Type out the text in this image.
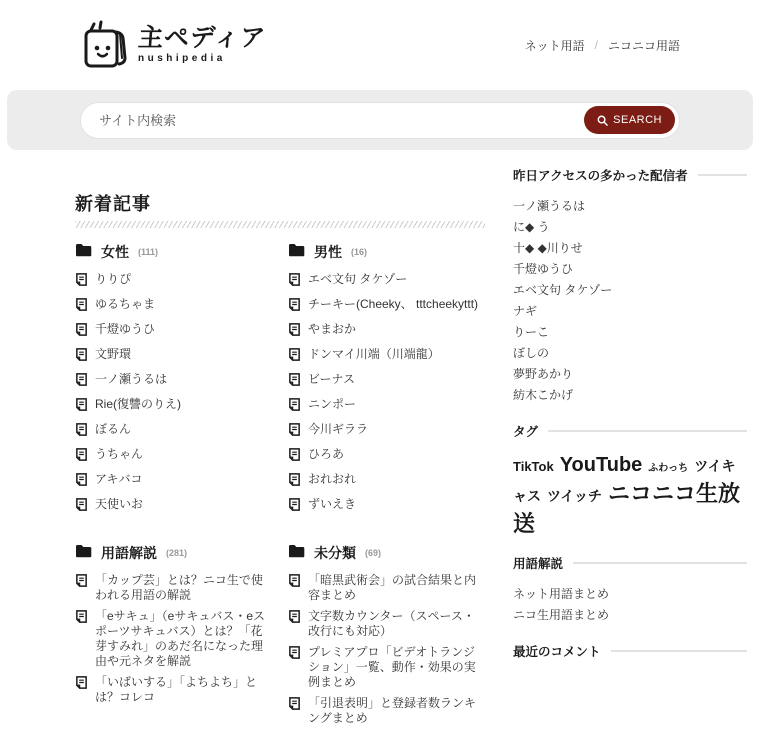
主ペディア
nushipedia
ネット用語 / ニコニコ用語
サイト内検索
SEARCH
新着記事
女性 (111)
りりぴ
ゆるちゃま
千燈ゆうひ
文野環
一ノ瀬うるは
Rie(復讐のりえ)
ぼるん
うちゃん
アキバコ
天使いお
男性 (16)
エベ文句 タケゾー
チーキー(Cheeky、 tttcheekyttt)
やまおか
ドンマイ川端（川端龍）
ビーナス
ニンポー
今川ギララ
ひろあ
おれおれ
ずいえき
用語解説 (281)
「カップ芸」とは？ニコ生で使われる用語の解説
「eサキュ」（eサキュバス・eスポーツサキュバス）とは？「花芽すみれ」のあだ名になった理由や元ネタを解説
「いばいする」「よちよち」とは？コレコ
未分類 (69)
「暗黒武術会」の試合結果と内容まとめ
文字数カウンター（スペース・改行にも対応）
プレミアプロ「ビデオトランジション」一覧、動作・効果の実例まとめ
「引退表明」と登録者数ランキングまとめ
昨日アクセスの多かった配信者
一ノ瀬うるは
に◆ う
十◆ ◆川りせ
千燈ゆうひ
エベ文句 タケゾー
ナギ
りーこ
ぼしの
夢野あかり
紡木こかげ
タグ
TikTok YouTube ふわっち ツイキャス ツイッチ ニコニコ生放送
用語解説
ネット用語まとめ
ニコ生用語まとめ
最近のコメント
